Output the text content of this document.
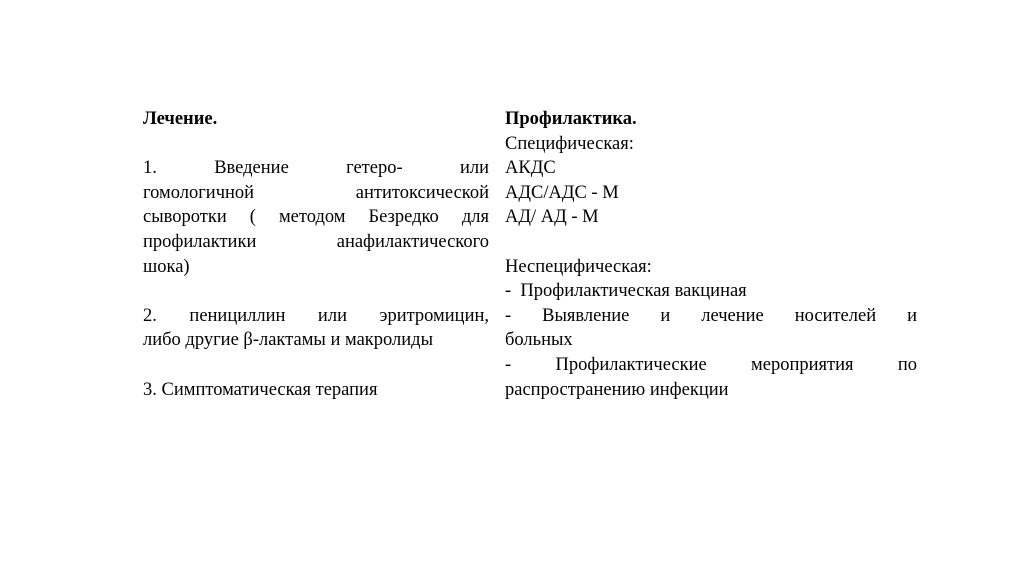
Лечение.
1. Введение гетеро- или
гомологичной антитоксической
сыворотки ( методом Безредко для
профилактики анафилактического
шока)
2. пенициллин или эритромицин,
либо другие β-лактамы и макролиды
3. Симптоматическая терапия
Профилактика.
Специфическая:
АКДС
АДС/АДС - М
АД/ АД - М
Неспецифическая:
-  Профилактическая вакциная
- Выявление и лечение носителей и
больных
- Профилактические мероприятия по
распространению инфекции
